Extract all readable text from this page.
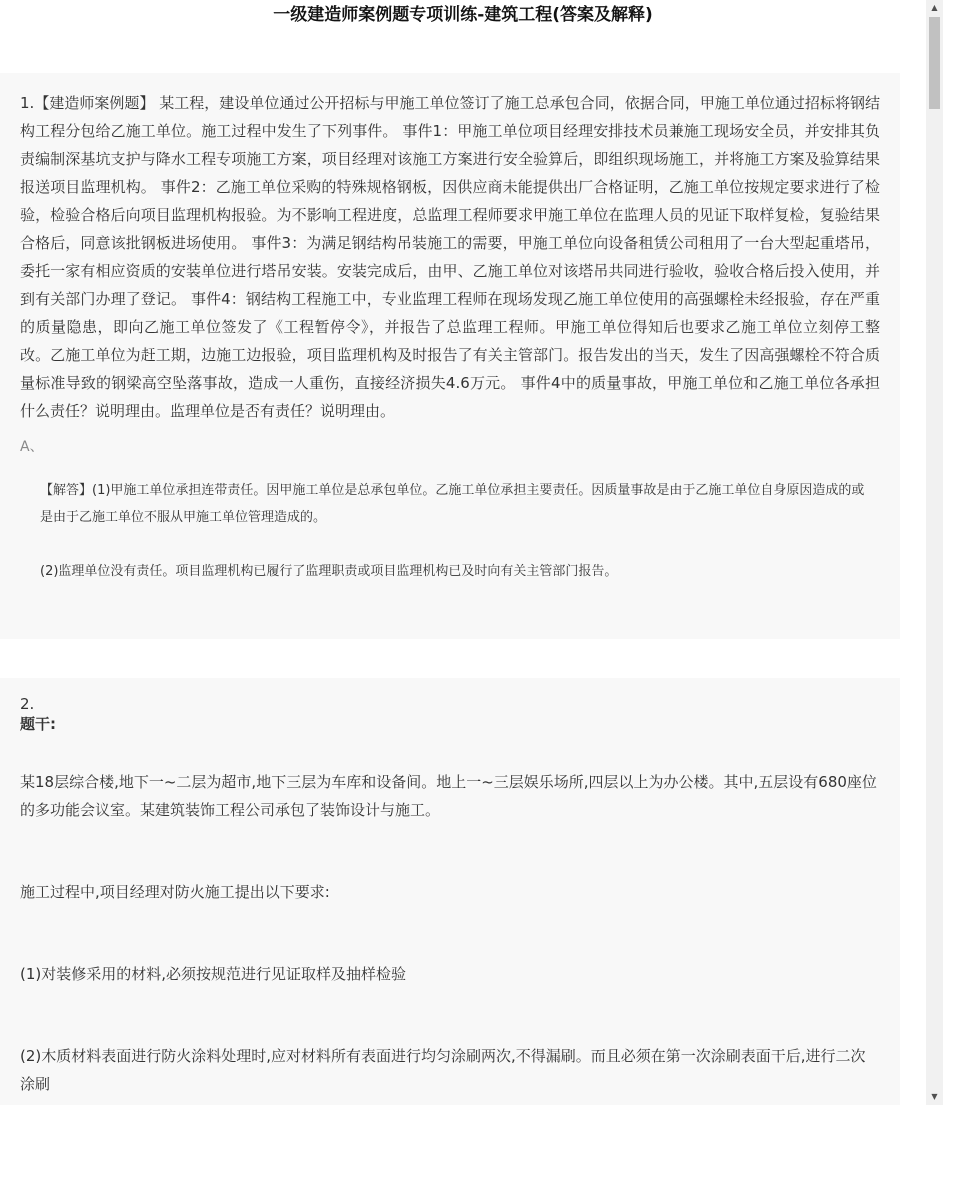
一级建造师案例题专项训练-建筑工程(答案及解释)

1.【建造师案例题】 某工程，建设单位通过公开招标与甲施工单位签订了施工总承包合同，依据合同，甲施工单位通过招标将钢结构工程分包给乙施工单位。施工过程中发生了下列事件。 事件1：甲施工单位项目经理安排技术员兼施工现场安全员，并安排其负责编制深基坑支护与降水工程专项施工方案，项目经理对该施工方案进行安全验算后，即组织现场施工，并将施工方案及验算结果报送项目监理机构。 事件2：乙施工单位采购的特殊规格钢板，因供应商未能提供出厂合格证明，乙施工单位按规定要求进行了检验，检验合格后向项目监理机构报验。为不影响工程进度，总监理工程师要求甲施工单位在监理人员的见证下取样复检，复验结果合格后，同意该批钢板进场使用。 事件3：为满足钢结构吊装施工的需要，甲施工单位向设备租赁公司租用了一台大型起重塔吊，委托一家有相应资质的安装单位进行塔吊安装。安装完成后，由甲、乙施工单位对该塔吊共同进行验收，验收合格后投入使用，并到有关部门办理了登记。 事件4：钢结构工程施工中，专业监理工程师在现场发现乙施工单位使用的高强螺栓未经报验，存在严重的质量隐患，即向乙施工单位签发了《工程暂停令》，并报告了总监理工程师。甲施工单位得知后也要求乙施工单位立刻停工整改。乙施工单位为赶工期，边施工边报验，项目监理机构及时报告了有关主管部门。报告发出的当天，发生了因高强螺栓不符合质量标准导致的钢梁高空坠落事故，造成一人重伤，直接经济损失4.6万元。 事件4中的质量事故，甲施工单位和乙施工单位各承担什么责任？说明理由。监理单位是否有责任？说明理由。

A、

【解答】(1)甲施工单位承担连带责任。因甲施工单位是总承包单位。乙施工单位承担主要责任。因质量事故是由于乙施工单位自身原因造成的或是由于乙施工单位不服从甲施工单位管理造成的。

(2)监理单位没有责任。项目监理机构已履行了监理职责或项目监理机构已及时向有关主管部门报告。

2.

题干:

某18层综合楼,地下一~二层为超市,地下三层为车库和设备间。地上一~三层娱乐场所,四层以上为办公楼。其中,五层设有680座位的多功能会议室。某建筑装饰工程公司承包了装饰设计与施工。

施工过程中,项目经理对防火施工提出以下要求:

(1)对装修采用的材料,必须按规范进行见证取样及抽样检验

(2)木质材料表面进行防火涂料处理时,应对材料所有表面进行均匀涂刷两次,不得漏刷。而且必须在第一次涂刷表面干后,进行二次涂刷

▲
▼
